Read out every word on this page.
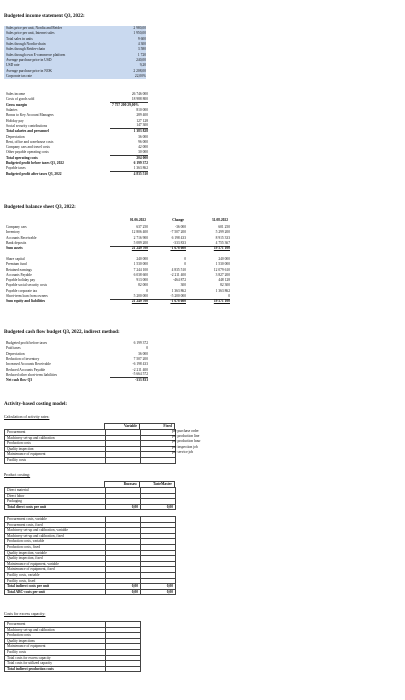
Budgeted income statement Q3, 2022:
Sales price per unit, Nordia and Reider	2 980,00
Sales price per unit, Internet sales	1 950,00
Total sales in units	9 600
Sales through Nordia-chain	4 300
Sales through Reider-chain	3 580
Sales through own E-commerce platform	1 720
Average purchase price in USD	240,00
USD rate	9,20
Average purchase price in NOK	2 208,00
Corporate tax rate	22,00%
Sales income	26 746 000
Costs of goods sold	18 988 800
Gross margin	7 757 200 29,00%
Salaries	810 000
Bonus to Key Account Managers	289 400
Holiday pay	127 128
Social security contributions	147 300
Total salaries and personnel	1 383 828
Depreciation	36 000
Rent, office and warehouse costs	96 000
Company cars and travel costs	42 000
Other payable operating costs	30 000
Total operating costs	204 000
Budgeted profit before taxes Q3, 2022	6 199 372
Payable taxes	1 363 862
Budgeted profit after taxes Q3, 2022	4 835 510
Budgeted balance sheet Q3, 2022:
01.06.2022	Change	31.08.2022
Company cars	637 250	-36 000	601 250
Inventory	12 806 400	-7 507 200	5 299 200
Accounts Receivable	2 716 900	6 198 433	8 915 333
Bank deposits	5 089 200	-333 833	4 755 367
Sum assets	21 249 700	-1 678 600	19 571 100
Share capital	240 000	0	240 000
Premium fund	1 530 000	0	1 530 000
Retained earnings	7 244 100	4 835 510	12 079 610
Accounts Payable	6 038 600	-2 211 400	3 827 200
Payable holiday pay	913 000	-464 872	448 128
Payable social security costs	82 000	300	82 300
Payable corporate tax	0	1 363 862	1 363 862
Short-term loan from owners	5 200 000	-5 200 000	0
Sum equity and liabilities	21 249 700	-1 678 600	19 571 100
Budgeted cash flow budget Q3, 2022, indirect method:
Budgeted profit before taxes	6 199 372
Paid taxes	0
Depreciation	36 000
Reduction of inventory	7 507 200
Increased Accounts Receivable	-6 198 433
Reduced Accounts Payable	-2 211 400
Reduced other short-term liabilities	-5 664 572
Net cash flow Q3	-333 833
Activity-based costing model:
Calculation of activity rates:
Variable	Fixed
Procurement		
Machinery set-up and calibration		
Production costs		
Quality inspection		
Maintenance of equipment		
Facility costs		
per purchase order
per production line
per production hour
per inspection job
per service job
Product costing:
Buzzsaw	TasteMaster
Direct material		
Direct labor		
Packaging		
Total direct costs per unit	0,00	0,00
Procurement costs, variable		
Procurement costs, fixed		
Machinery set-up and calibration, variable		
Machinery set-up and calibration, fixed		
Production costs, variable		
Production costs, fixed		
Quality inspection, variable		
Quality inspection, fixed		
Maintenance of equipment, variable		
Maintenance of equipment, fixed		
Facility costs, variable		
Facility costs, fixed		
Total indirect costs per unit	0,00	0,00
Total ABC-costs per unit	0,00	0,00
Costs for excess capacity:
Procurement	
Machinery set-up and calibration	
Production costs	
Quality inspections	
Maintenance of equipment	
Facility costs	
Total costs for excess capacity	
Total costs for utilized capacity	
Total indirect production costs	
